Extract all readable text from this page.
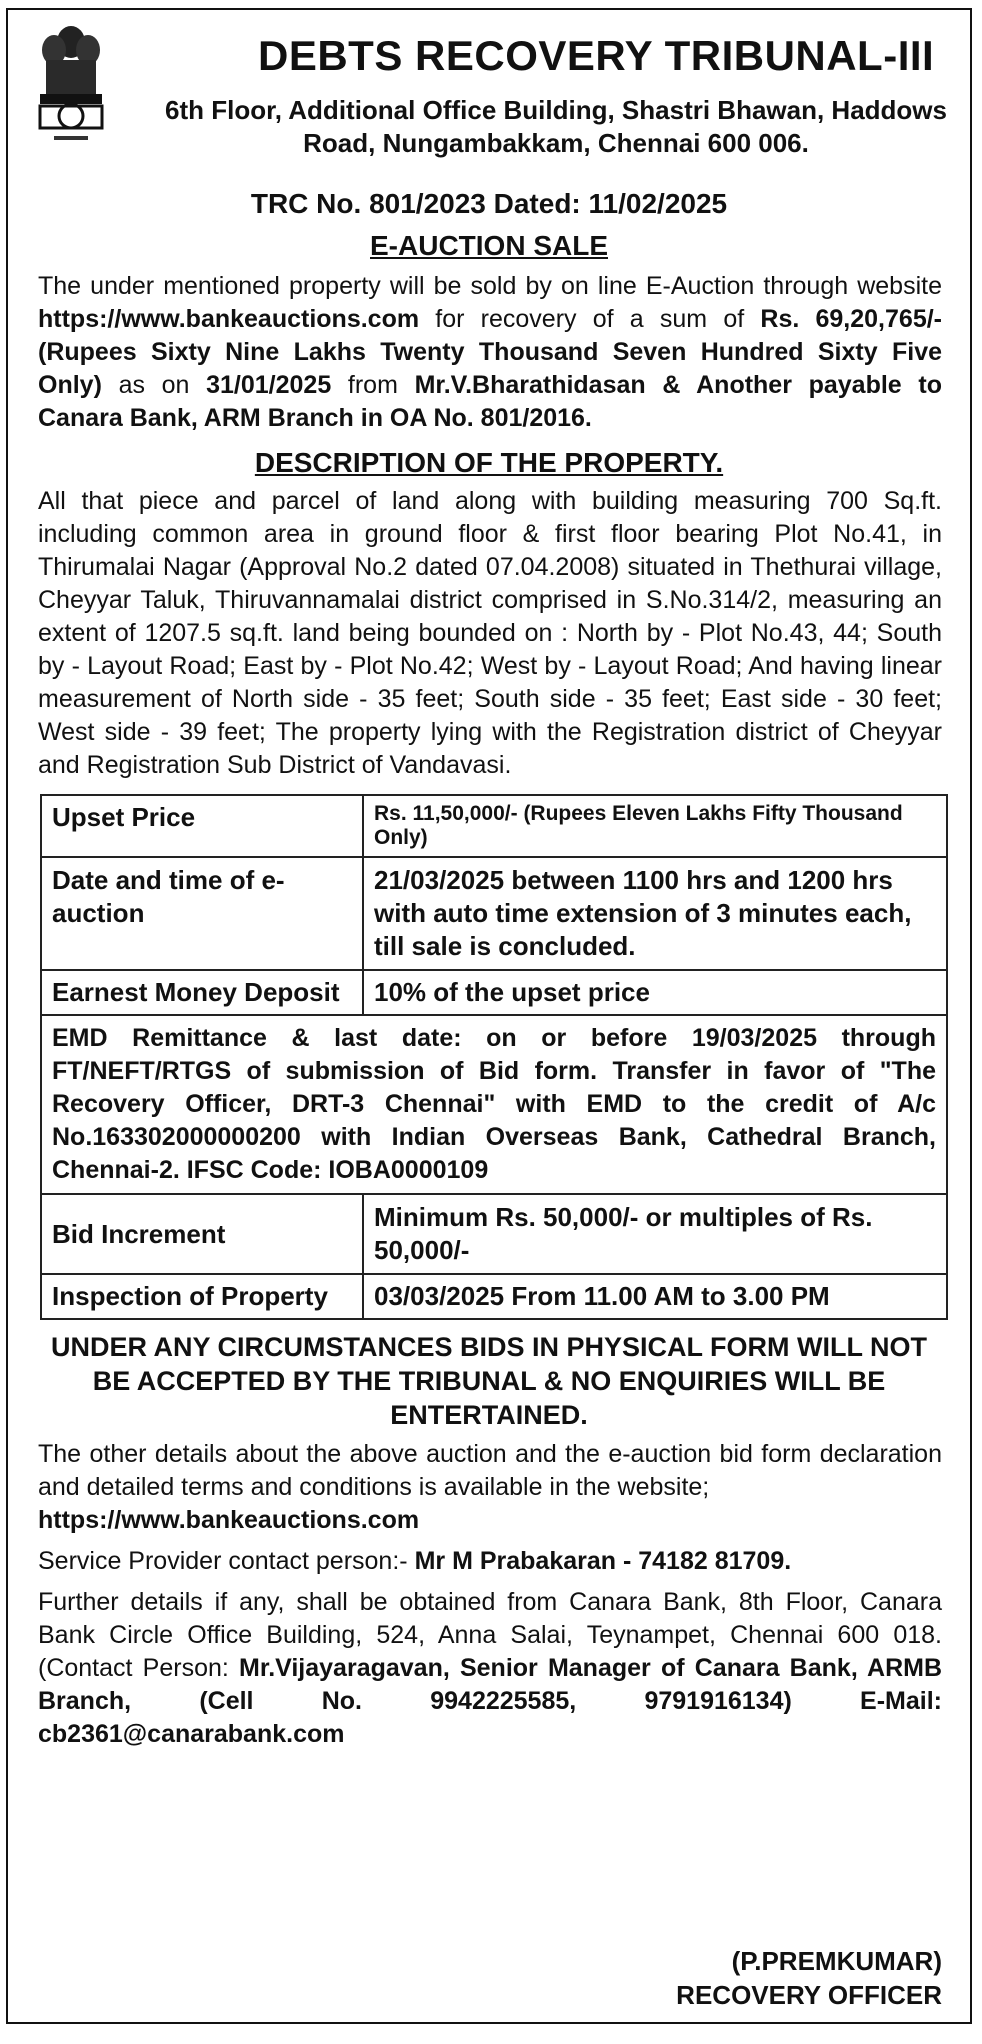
DEBTS RECOVERY TRIBUNAL-III
6th Floor, Additional Office Building, Shastri Bhawan, Haddows Road, Nungambakkam, Chennai 600 006.
TRC No. 801/2023 Dated: 11/02/2025
E-AUCTION SALE
The under mentioned property will be sold by on line E-Auction through website https://www.bankeauctions.com for recovery of a sum of Rs. 69,20,765/- (Rupees Sixty Nine Lakhs Twenty Thousand Seven Hundred Sixty Five Only) as on 31/01/2025 from Mr.V.Bharathidasan & Another payable to Canara Bank, ARM Branch in OA No. 801/2016.
DESCRIPTION OF THE PROPERTY.
All that piece and parcel of land along with building measuring 700 Sq.ft. including common area in ground floor & first floor bearing Plot No.41, in Thirumalai Nagar (Approval No.2 dated 07.04.2008) situated in Thethurai village, Cheyyar Taluk, Thiruvannamalai district comprised in S.No.314/2, measuring an extent of 1207.5 sq.ft. land being bounded on : North by - Plot No.43, 44; South by - Layout Road; East by - Plot No.42; West by - Layout Road; And having linear measurement of North side - 35 feet; South side - 35 feet; East side - 30 feet; West side - 39 feet; The property lying with the Registration district of Cheyyar and Registration Sub District of Vandavasi.
Upset Price	Rs. 11,50,000/- (Rupees Eleven Lakhs Fifty Thousand Only)
Date and time of e-auction	21/03/2025 between 1100 hrs and 1200 hrs with auto time extension of 3 minutes each, till sale is concluded.
Earnest Money Deposit	10% of the upset price
EMD Remittance & last date: on or before 19/03/2025 through FT/NEFT/RTGS of submission of Bid form. Transfer in favor of "The Recovery Officer, DRT-3 Chennai" with EMD to the credit of A/c No.163302000000200 with Indian Overseas Bank, Cathedral Branch, Chennai-2. IFSC Code: IOBA0000109	
Bid Increment	Minimum Rs. 50,000/- or multiples of Rs. 50,000/-
Inspection of Property	03/03/2025 From 11.00 AM to 3.00 PM
UNDER ANY CIRCUMSTANCES BIDS IN PHYSICAL FORM WILL NOT BE ACCEPTED BY THE TRIBUNAL & NO ENQUIRIES WILL BE ENTERTAINED.
The other details about the above auction and the e-auction bid form declaration and detailed terms and conditions is available in the website;
https://www.bankeauctions.com
Service Provider contact person:- Mr M Prabakaran - 74182 81709.
Further details if any, shall be obtained from Canara Bank, 8th Floor, Canara Bank Circle Office Building, 524, Anna Salai, Teynampet, Chennai 600 018. (Contact Person: Mr.Vijayaragavan, Senior Manager of Canara Bank, ARMB Branch, (Cell No. 9942225585, 9791916134) E-Mail: cb2361@canarabank.com
(P.PREMKUMAR)
RECOVERY OFFICER
